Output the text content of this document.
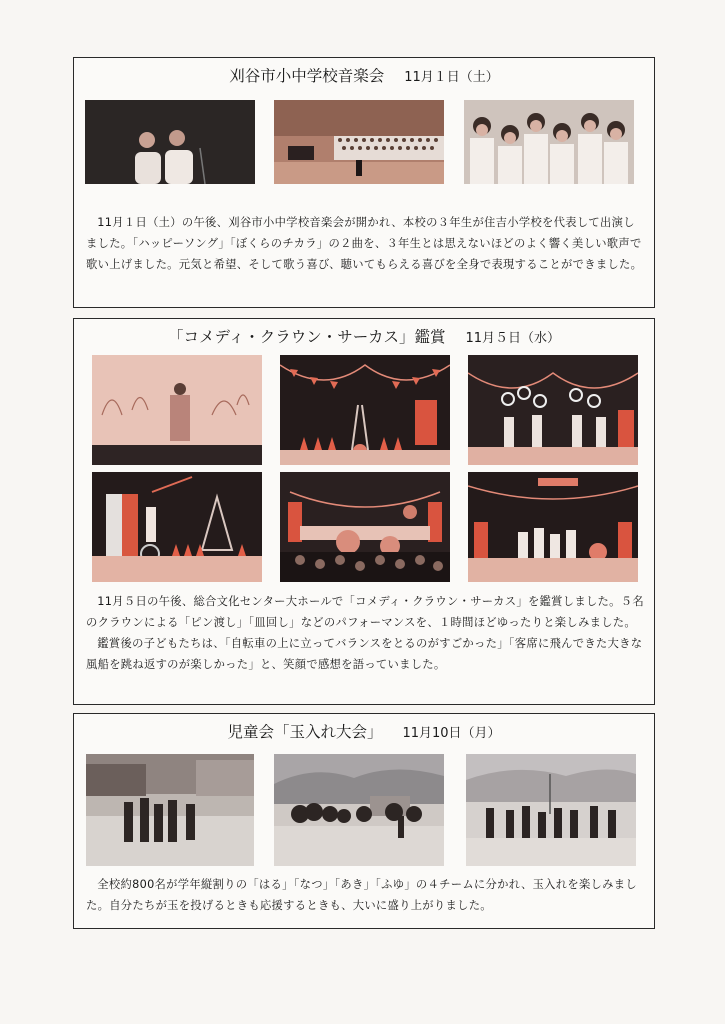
刈谷市小中学校音楽会 11月１日（土）

11月１日（土）の午後、刈谷市小中学校音楽会が開かれ、本校の３年生が住吉小学校を代表して出演しました。「ハッピーソング」「ぼくらのチカラ」の２曲を、３年生とは思えないほどのよく響く美しい歌声で歌い上げました。元気と希望、そして歌う喜び、聴いてもらえる喜びを全身で表現することができました。

「コメディ・クラウン・サーカス」鑑賞 11月５日（水）

11月５日の午後、総合文化センター大ホールで「コメディ・クラウン・サーカス」を鑑賞しました。５名のクラウンによる「ピン渡し」「皿回し」などのパフォーマンスを、１時間ほどゆったりと楽しみました。

鑑賞後の子どもたちは、「自転車の上に立ってバランスをとるのがすごかった」「客席に飛んできた大きな風船を跳ね返すのが楽しかった」と、笑顔で感想を語っていました。

児童会「玉入れ大会」 11月10日（月）

全校約800名が学年縦割りの「はる」「なつ」「あき」「ふゆ」の４チームに分かれ、玉入れを楽しみました。自分たちが玉を投げるときも応援するときも、大いに盛り上がりました。
